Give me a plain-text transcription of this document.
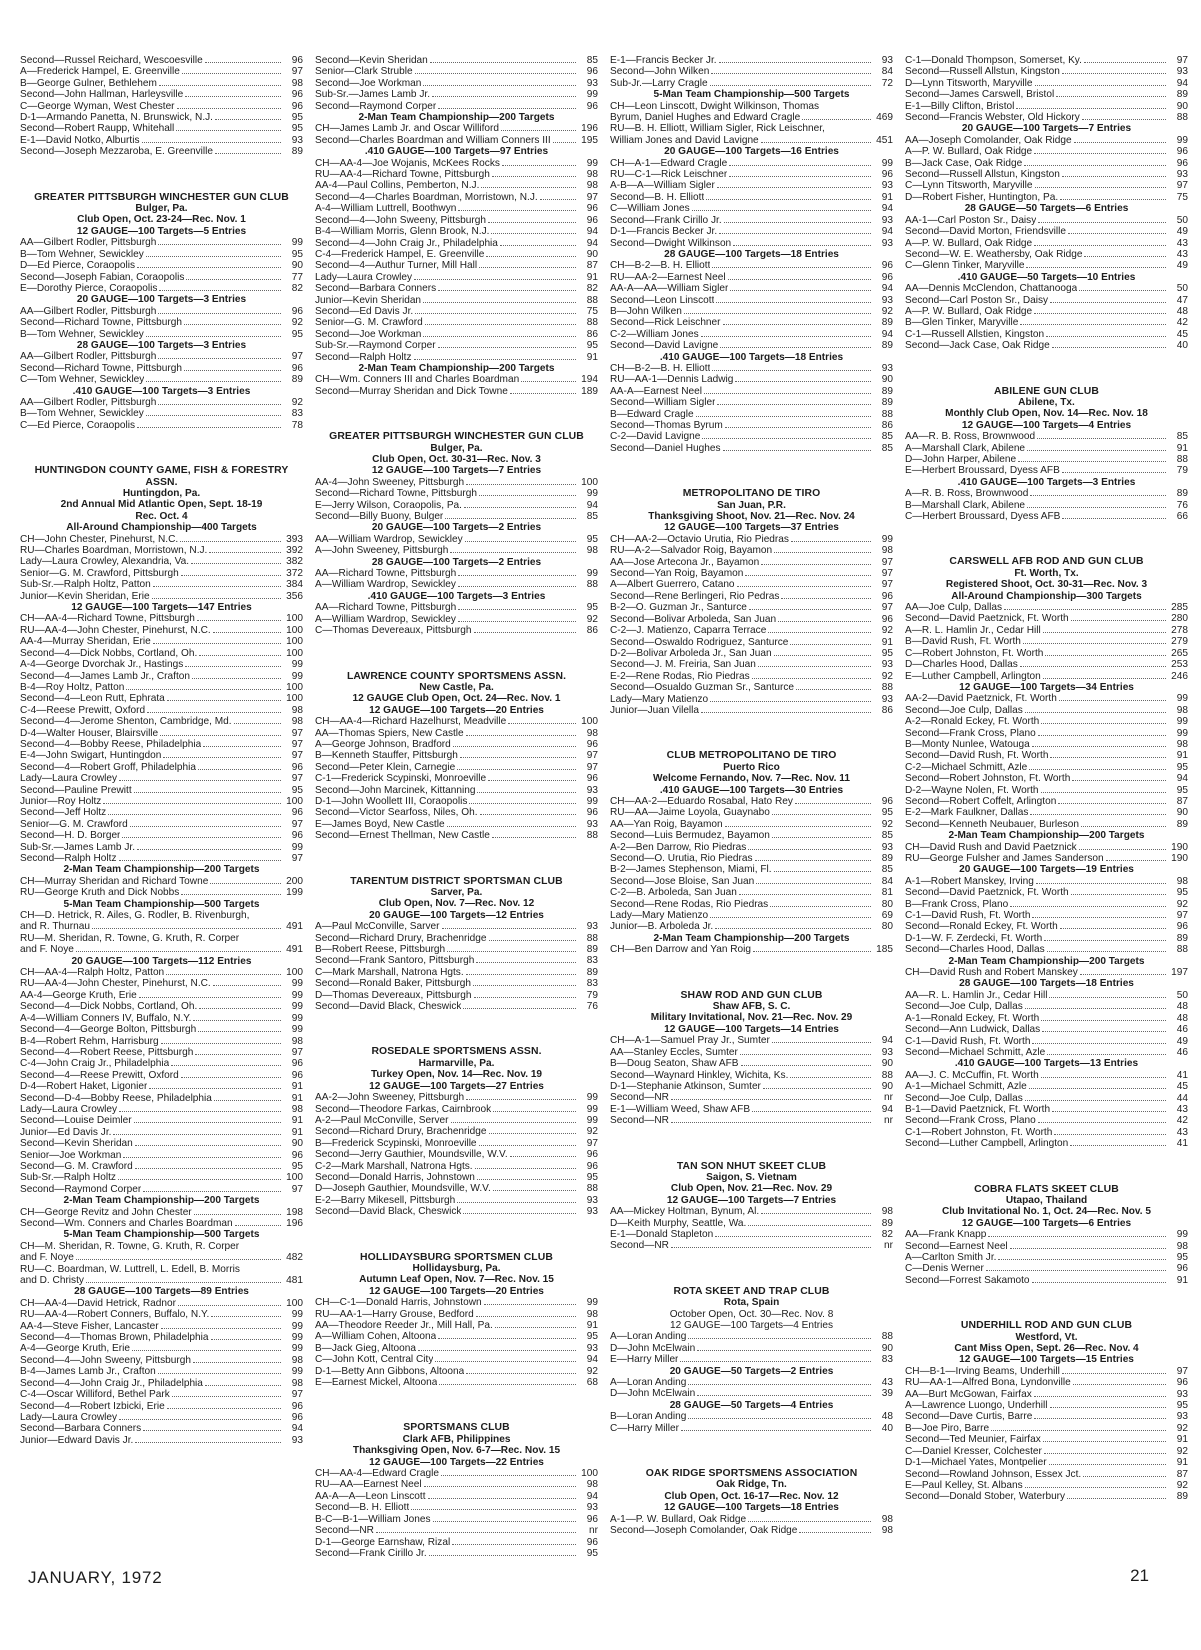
Second—Russel Reichard, Wescoesville	96
A—Frederick Hampel, E. Greenville	97
B—George Gulner, Bethlehem	98
Second—John Hallman, Harleysville	96
C—George Wyman, West Chester	96
D-1—Armando Panetta, N. Brunswick, N.J.	95
Second—Robert Raupp, Whitehall	95
E-1—David Notko, Alburtis	93
Second—Joseph Mezzaroba, E. Greenville	89
GREATER PITTSBURGH WINCHESTER GUN CLUB
Bulger, Pa.
Club Open, Oct. 23-24—Rec. Nov. 1
12 GAUGE—100 Targets—5 Entries
AA—Gilbert Rodler, Pittsburgh	99
B—Tom Wehner, Sewickley	95
D—Ed Pierce, Coraopolis	90
Second—Joseph Fabian, Coraopolis	77
E—Dorothy Pierce, Coraopolis	82
20 GAUGE—100 Targets—3 Entries
AA—Gilbert Rodler, Pittsburgh	96
Second—Richard Towne, Pittsburgh	92
B—Tom Wehner, Sewickley	95
28 GAUGE—100 Targets—3 Entries
AA—Gilbert Rodler, Pittsburgh	97
Second—Richard Towne, Pittsburgh	96
C—Tom Wehner, Sewickley	89
.410 GAUGE—100 Targets—3 Entries
AA—Gilbert Rodler, Pittsburgh	92
B—Tom Wehner, Sewickley	83
C—Ed Pierce, Coraopolis	78
HUNTINGDON COUNTY GAME, FISH & FORESTRY ASSN.
Huntingdon, Pa.
2nd Annual Mid Atlantic Open, Sept. 18-19
Rec. Oct. 4
All-Around Championship—400 Targets
CH—John Chester, Pinehurst, N.C.	393
RU—Charles Boardman, Morristown, N.J.	392
Lady—Laura Crowley, Alexandria, Va.	382
Senior—G. M. Crawford, Pittsburgh	372
Sub-Sr.—Ralph Holtz, Patton	384
Junior—Kevin Sheridan, Erie	356
12 GAUGE—100 Targets—147 Entries
CH—AA-4—Richard Towne, Pittsburgh	100
RU—AA-4—John Chester, Pinehurst, N.C.	100
AA-4—Murray Sheridan, Erie	100
Second—4—Dick Nobbs, Cortland, Oh.	100
A-4—George Dvorchak Jr., Hastings	99
Second—4—James Lamb Jr., Crafton	99
B-4—Roy Holtz, Patton	100
Second—4—Leon Rutt, Ephrata	100
C-4—Reese Prewitt, Oxford	98
Second—4—Jerome Shenton, Cambridge, Md.	98
D-4—Walter Houser, Blairsville	97
Second—4—Bobby Reese, Philadelphia	97
E-4—John Swigart, Huntingdon	97
Second—4—Robert Groff, Philadelphia	96
Lady—Laura Crowley	97
Second—Pauline Prewitt	95
Junior—Roy Holtz	100
Second—Jeff Holtz	96
Senior—G. M. Crawford	97
Second—H. D. Borger	96
Sub-Sr.—James Lamb Jr.	99
Second—Ralph Holtz	97
2-Man Team Championship—200 Targets
CH—Murray Sheridan and Richard Towne	200
RU—George Kruth and Dick Nobbs	199
5-Man Team Championship—500 Targets
CH—D. Hetrick, R. Ailes, G. Rodler, B. Rivenburgh,
and R. Thurnau	491
RU—M. Sheridan, R. Towne, G. Kruth, R. Corper
and F. Noye	491
20 GAUGE—100 Targets—112 Entries
CH—AA-4—Ralph Holtz, Patton	100
RU—AA-4—John Chester, Pinehurst, N.C.	99
AA-4—George Kruth, Erie	99
Second—4—Dick Nobbs, Cortland, Oh.	99
A-4—William Conners IV, Buffalo, N.Y.	99
Second—4—George Bolton, Pittsburgh	99
B-4—Robert Rehm, Harrisburg	98
Second—4—Robert Reese, Pittsburgh	97
C-4—John Craig Jr., Philadelphia	96
Second—4—Reese Prewitt, Oxford	96
D-4—Robert Haket, Ligonier	91
Second—D-4—Bobby Reese, Philadelphia	91
Lady—Laura Crowley	98
Second—Louise Deimler	91
Junior—Ed Davis Jr.	91
Second—Kevin Sheridan	90
Senior—Joe Workman	96
Second—G. M. Crawford	95
Sub-Sr.—Ralph Holtz	100
Second—Raymond Corper	97
2-Man Team Championship—200 Targets
CH—George Revitz and John Chester	198
Second—Wm. Conners and Charles Boardman	196
5-Man Team Championship—500 Targets
CH—M. Sheridan, R. Towne, G. Kruth, R. Corper
and F. Noye	482
RU—C. Boardman, W. Luttrell, L. Edell, B. Morris
and D. Christy	481
28 GAUGE—100 Targets—89 Entries
CH—AA-4—David Hetrick, Radnor	100
RU—AA-4—Robert Conners, Buffalo, N.Y.	99
AA-4—Steve Fisher, Lancaster	99
Second—4—Thomas Brown, Philadelphia	99
A-4—George Kruth, Erie	99
Second—4—John Sweeny, Pittsburgh	98
B-4—James Lamb Jr., Crafton	99
Second—4—John Craig Jr., Philadelphia	98
C-4—Oscar Williford, Bethel Park	97
Second—4—Robert Izbicki, Erie	96
Lady—Laura Crowley	96
Second—Barbara Conners	94
Junior—Edward Davis Jr.	93
Second—Kevin Sheridan	85
Senior—Clark Struble	96
Second—Joe Workman	93
Sub-Sr.—James Lamb Jr.	99
Second—Raymond Corper	96
2-Man Team Championship—200 Targets
CH—James Lamb Jr. and Oscar Williford	196
Second—Charles Boardman and William Conners III	195
.410 GAUGE—100 Targets—97 Entries
CH—AA-4—Joe Wojanis, McKees Rocks	99
RU—AA-4—Richard Towne, Pittsburgh	98
AA-4—Paul Collins, Pemberton, N.J.	98
Second—4—Charles Boardman, Morristown, N.J.	97
A-4—William Luttrell, Boothwyn	96
Second—4—John Sweeny, Pittsburgh	96
B-4—William Morris, Glenn Brook, N.J.	94
Second—4—John Craig Jr., Philadelphia	94
C-4—Frederick Hampel, E. Greenville	90
Second—4—Authur Turner, Mill Hall	87
Lady—Laura Crowley	91
Second—Barbara Conners	82
Junior—Kevin Sheridan	88
Second—Ed Davis Jr.	75
Senior—G. M. Crawford	88
Second—Joe Workman	86
Sub-Sr.—Raymond Corper	95
Second—Ralph Holtz	91
2-Man Team Championship—200 Targets
CH—Wm. Conners III and Charles Boardman	194
Second—Murray Sheridan and Dick Towne	189
GREATER PITTSBURGH WINCHESTER GUN CLUB
Bulger, Pa.
Club Open, Oct. 30-31—Rec. Nov. 3
12 GAUGE—100 Targets—7 Entries
AA-4—John Sweeney, Pittsburgh	100
Second—Richard Towne, Pittsburgh	99
E—Jerry Wilson, Coraopolis, Pa.	94
Second—Billy Buony, Bulger	85
20 GAUGE—100 Targets—2 Entries
AA—William Wardrop, Sewickley	95
A—John Sweeney, Pittsburgh	98
28 GAUGE—100 Targets—2 Entries
AA—Richard Towne, Pittsburgh	99
A—William Wardrop, Sewickley	88
.410 GAUGE—100 Targets—3 Entries
AA—Richard Towne, Pittsburgh	95
A—William Wardrop, Sewickley	92
C—Thomas Devereaux, Pittsburgh	86
LAWRENCE COUNTY SPORTSMENS ASSN.
New Castle, Pa.
12 GAUGE Club Open, Oct. 24—Rec. Nov. 1
12 GAUGE—100 Targets—20 Entries
CH—AA-4—Richard Hazelhurst, Meadville	100
AA—Thomas Spiers, New Castle	98
A—George Johnson, Bradford	96
B—Kenneth Stauffer, Pittsburgh	97
Second—Peter Klein, Carnegie	97
C-1—Frederick Scypinski, Monroeville	96
Second—John Marcinek, Kittanning	93
D-1—John Woollett III, Coraopolis	99
Second—Victor Searfoss, Niles, Oh.	96
E—James Boyd, New Castle	93
Second—Ernest Thellman, New Castle	88
TARENTUM DISTRICT SPORTSMAN CLUB
Sarver, Pa.
Club Open, Nov. 7—Rec. Nov. 12
20 GAUGE—100 Targets—12 Entries
A—Paul McConville, Sarver	93
Second—Richard Drury, Brachenridge	88
B—Robert Reese, Pittsburgh	89
Second—Frank Santoro, Pittsburgh	83
C—Mark Marshall, Natrona Hgts.	89
Second—Ronald Baker, Pittsburgh	83
D—Thomas Devereaux, Pittsburgh	79
Second—David Black, Cheswick	76
ROSEDALE SPORTSMENS ASSN.
Harmarville, Pa.
Turkey Open, Nov. 14—Rec. Nov. 19
12 GAUGE—100 Targets—27 Entries
AA-2—John Sweeney, Pittsburgh	99
Second—Theodore Farkas, Cairnbrook	99
A-2—Paul McConville, Server	99
Second—Richard Drury, Brachenridge	92
B—Frederick Scypinski, Monroeville	97
Second—Jerry Gauthier, Moundsville, W.V.	96
C-2—Mark Marshall, Natrona Hgts.	96
Second—Donald Harris, Johnstown	95
D—Joseph Gauthier, Moundsville, W.V.	88
E-2—Barry Mikesell, Pittsburgh	93
Second—David Black, Cheswick	93
HOLLIDAYSBURG SPORTSMEN CLUB
Hollidaysburg, Pa.
Autumn Leaf Open, Nov. 7—Rec. Nov. 15
12 GAUGE—100 Targets—20 Entries
CH—C-1—Donald Harris, Johnstown	99
RU—AA-1—Harry Grouse, Bedford	98
AA—Theodore Reeder Jr., Mill Hall, Pa.	91
A—William Cohen, Altoona	95
B—Jack Gieg, Altoona	93
C—John Kott, Central City	94
D-1—Betty Ann Gibbons, Altoona	92
E—Earnest Mickel, Altoona	68
SPORTSMANS CLUB
Clark AFB, Philippines
Thanksgiving Open, Nov. 6-7—Rec. Nov. 15
12 GAUGE—100 Targets—22 Entries
CH—AA-4—Edward Cragle	100
RU—AA—Earnest Neel	98
AA-A—A—Leon Linscott	94
Second—B. H. Elliott	93
B-C—B-1—William Jones	96
Second—NR	nr
D-1—George Earnshaw, Rizal	96
Second—Frank Cirillo Jr.	95
E-1—Francis Becker Jr.	93
Second—John Wilken	84
Sub-Jr.—Larry Cragle	72
5-Man Team Championship—500 Targets
CH—Leon Linscott, Dwight Wilkinson, Thomas
Byrum, Daniel Hughes and Edward Cragle	469
RU—B. H. Elliott, William Sigler, Rick Leischner,
William Jones and David Lavigne	451
20 GAUGE—100 Targets—16 Entries
CH—A-1—Edward Cragle	99
RU—C-1—Rick Leischner	96
A-B—A—William Sigler	93
Second—B. H. Elliott	91
C—William Jones	94
Second—Frank Cirillo Jr.	93
D-1—Francis Becker Jr.	94
Second—Dwight Wilkinson	93
28 GAUGE—100 Targets—18 Entries
CH—B-2—B. H. Elliott	96
RU—AA-2—Earnest Neel	96
AA-A—AA—William Sigler	94
Second—Leon Linscott	93
B—John Wilken	92
Second—Rick Leischner	89
C-2—William Jones	94
Second—David Lavigne	89
.410 GAUGE—100 Targets—18 Entries
CH—B-2—B. H. Elliott	93
RU—AA-1—Dennis Ladwig	90
AA-A—Earnest Neel	89
Second—William Sigler	89
B—Edward Cragle	88
Second—Thomas Byrum	86
C-2—David Lavigne	85
Second—Daniel Hughes	85
METROPOLITANO DE TIRO
San Juan, P.R.
Thanksgiving Shoot, Nov. 21—Rec. Nov. 24
12 GAUGE—100 Targets—37 Entries
CH—AA-2—Octavio Urutia, Rio Piedras	99
RU—A-2—Salvador Roig, Bayamon	98
AA—Jose Artecona Jr., Bayamon	97
Second—Yan Roig, Bayamon	97
A—Albert Guerrero, Catano	97
Second—Rene Berlingeri, Rio Pedras	96
B-2—O. Guzman Jr., Santurce	97
Second—Bolivar Arboleda, San Juan	96
C-2—J. Matienzo, Caparra Terrace	92
Second—Oswaldo Rodriguez, Santurce	91
D-2—Bolivar Arboleda Jr., San Juan	95
Second—J. M. Freiria, San Juan	93
E-2—Rene Rodas, Rio Piedras	92
Second—Osualdo Guzman Sr., Santurce	88
Lady—Mary Matienzo	93
Junior—Juan Vilella	86
CLUB METROPOLITANO DE TIRO
Puerto Rico
Welcome Fernando, Nov. 7—Rec. Nov. 11
.410 GAUGE—100 Targets—30 Entries
CH—AA-2—Eduardo Rosabal, Hato Rey	96
RU—AA—Jaime Loyola, Guaynabo	95
AA—Yan Roig, Bayamon	92
Second—Luis Bermudez, Bayamon	85
A-2—Ben Darrow, Rio Piedras	93
Second—O. Urutia, Rio Piedras	89
B-2—James Stephenson, Miami, Fl.	85
Second—Jose Bloise, San Juan	84
C-2—B. Arboleda, San Juan	81
Second—Rene Rodas, Rio Piedras	80
Lady—Mary Matienzo	69
Junior—B. Arboleda Jr.	80
2-Man Team Championship—200 Targets
CH—Ben Darrow and Yan Roig	185
SHAW ROD AND GUN CLUB
Shaw AFB, S. C.
Military Invitational, Nov. 21—Rec. Nov. 29
12 GAUGE—100 Targets—14 Entries
CH—A-1—Samuel Pray Jr., Sumter	94
AA—Stanley Eccles, Sumter	93
B—Doug Seaton, Shaw AFB	90
Second—Waynard Hinkley, Wichita, Ks.	88
D-1—Stephanie Atkinson, Sumter	90
Second—NR	nr
E-1—William Weed, Shaw AFB	94
Second—NR	nr
TAN SON NHUT SKEET CLUB
Saigon, S. Vietnam
Club Open, Nov. 21—Rec. Nov. 29
12 GAUGE—100 Targets—7 Entries
AA—Mickey Holtman, Bynum, Al.	98
D—Keith Murphy, Seattle, Wa.	89
E-1—Donald Stapleton	82
Second—NR	nr
ROTA SKEET AND TRAP CLUB
Rota, Spain
October Open, Oct. 30—Rec. Nov. 8
12 GAUGE—100 Targets—4 Entries
A—Loran Anding	88
D—John McElwain	90
E—Harry Miller	83
20 GAUGE—50 Targets—2 Entries
A—Loran Anding	43
D—John McElwain	39
28 GAUGE—50 Targets—4 Entries
B—Loran Anding	48
C—Harry Miller	40
OAK RIDGE SPORTSMENS ASSOCIATION
Oak Ridge, Tn.
Club Open, Oct. 16-17—Rec. Nov. 12
12 GAUGE—100 Targets—18 Entries
A-1—P. W. Bullard, Oak Ridge	98
Second—Joseph Comolander, Oak Ridge	98
C-1—Donald Thompson, Somerset, Ky.	97
Second—Russell Allstun, Kingston	93
D—Lynn Titsworth, Maryville	94
Second—James Carswell, Bristol	89
E-1—Billy Clifton, Bristol	90
Second—Francis Webster, Old Hickory	88
20 GAUGE—100 Targets—7 Entries
AA—Joseph Comolander, Oak Ridge	99
A—P. W. Bullard, Oak Ridge	96
B—Jack Case, Oak Ridge	96
Second—Russell Allstun, Kingston	93
C—Lynn Titsworth, Maryville	97
D—Robert Fisher, Huntington, Pa.	75
28 GAUGE—50 Targets—6 Entries
AA-1—Carl Poston Sr., Daisy	50
Second—David Morton, Friendsville	49
A—P. W. Bullard, Oak Ridge	43
Second—W. E. Weathersby, Oak Ridge	43
C—Glenn Tinker, Maryville	49
.410 GAUGE—50 Targets—10 Entries
AA—Dennis McClendon, Chattanooga	50
Second—Carl Poston Sr., Daisy	47
A—P. W. Bullard, Oak Ridge	48
B—Glen Tinker, Maryville	42
C-1—Russell Allstien, Kingston	45
Second—Jack Case, Oak Ridge	40
ABILENE GUN CLUB
Abilene, Tx.
Monthly Club Open, Nov. 14—Rec. Nov. 18
12 GAUGE—100 Targets—4 Entries
AA—R. B. Ross, Brownwood	85
A—Marshall Clark, Abilene	91
D—John Harper, Abilene	88
E—Herbert Broussard, Dyess AFB	79
.410 GAUGE—100 Targets—3 Entries
A—R. B. Ross, Brownwood	89
B—Marshall Clark, Abilene	76
C—Herbert Broussard, Dyess AFB	66
CARSWELL AFB ROD AND GUN CLUB
Ft. Worth, Tx.
Registered Shoot, Oct. 30-31—Rec. Nov. 3
All-Around Championship—300 Targets
AA—Joe Culp, Dallas	285
Second—David Paetznick, Ft. Worth	280
A—R. L. Hamlin Jr., Cedar Hill	278
B—David Rush, Ft. Worth	279
C—Robert Johnston, Ft. Worth	265
D—Charles Hood, Dallas	253
E—Luther Campbell, Arlington	246
12 GAUGE—100 Targets—34 Entries
AA-2—David Paetznick, Ft. Worth	99
Second—Joe Culp, Dallas	98
A-2—Ronald Eckey, Ft. Worth	99
Second—Frank Cross, Plano	99
B—Monty Nunlee, Watouga	98
Second—David Rush, Ft. Worth	91
C-2—Michael Schmitt, Azle	95
Second—Robert Johnston, Ft. Worth	94
D-2—Wayne Nolen, Ft. Worth	95
Second—Robert Coffelt, Arlington	87
E-2—Mark Faulkner, Dallas	90
Second—Kenneth Neubauer, Burleson	89
2-Man Team Championship—200 Targets
CH—David Rush and David Paetznick	190
RU—George Fulsher and James Sanderson	190
20 GAUGE—100 Targets—19 Entries
A-1—Robert Manskey, Irving	98
Second—David Paetznick, Ft. Worth	95
B—Frank Cross, Plano	92
C-1—David Rush, Ft. Worth	97
Second—Ronald Eckey, Ft. Worth	96
D-1—W. F. Zerdecki, Ft. Worth	89
Second—Charles Hood, Dallas	88
2-Man Team Championship—200 Targets
CH—David Rush and Robert Manskey	197
28 GAUGE—100 Targets—18 Entries
AA—R. L. Hamlin Jr., Cedar Hill	50
Second—Joe Culp, Dallas	48
A-1—Ronald Eckey, Ft. Worth	48
Second—Ann Ludwick, Dallas	46
C-1—David Rush, Ft. Worth	49
Second—Michael Schmitt, Azle	46
.410 GAUGE—100 Targets—13 Entries
AA—J. C. McCuffin, Ft. Worth	41
A-1—Michael Schmitt, Azle	45
Second—Joe Culp, Dallas	44
B-1—David Paetznick, Ft. Worth	43
Second—Frank Cross, Plano	42
C-1—Robert Johnston, Ft. Worth	43
Second—Luther Campbell, Arlington	41
COBRA FLATS SKEET CLUB
Utapao, Thailand
Club Invitational No. 1, Oct. 24—Rec. Nov. 5
12 GAUGE—100 Targets—6 Entries
AA—Frank Knapp	99
Second—Earnest Neel	98
A—Carlton Smith Jr.	95
C—Denis Werner	96
Second—Forrest Sakamoto	91
UNDERHILL ROD AND GUN CLUB
Westford, Vt.
Cant Miss Open, Sept. 26—Rec. Nov. 4
12 GAUGE—100 Targets—15 Entries
CH—B-1—Irving Beams, Underhill	97
RU—AA-1—Alfred Bona, Lyndonville	96
AA—Burt McGowan, Fairfax	93
A—Lawrence Luongo, Underhill	95
Second—Dave Curtis, Barre	93
B—Joe Piro, Barre	92
Second—Ted Meunier, Fairfax	91
C—Daniel Kresser, Colchester	92
D-1—Michael Yates, Montpelier	91
Second—Rowland Johnson, Essex Jct.	87
E—Paul Kelley, St. Albans	92
Second—Donald Stober, Waterbury	89
JANUARY, 1972	21
